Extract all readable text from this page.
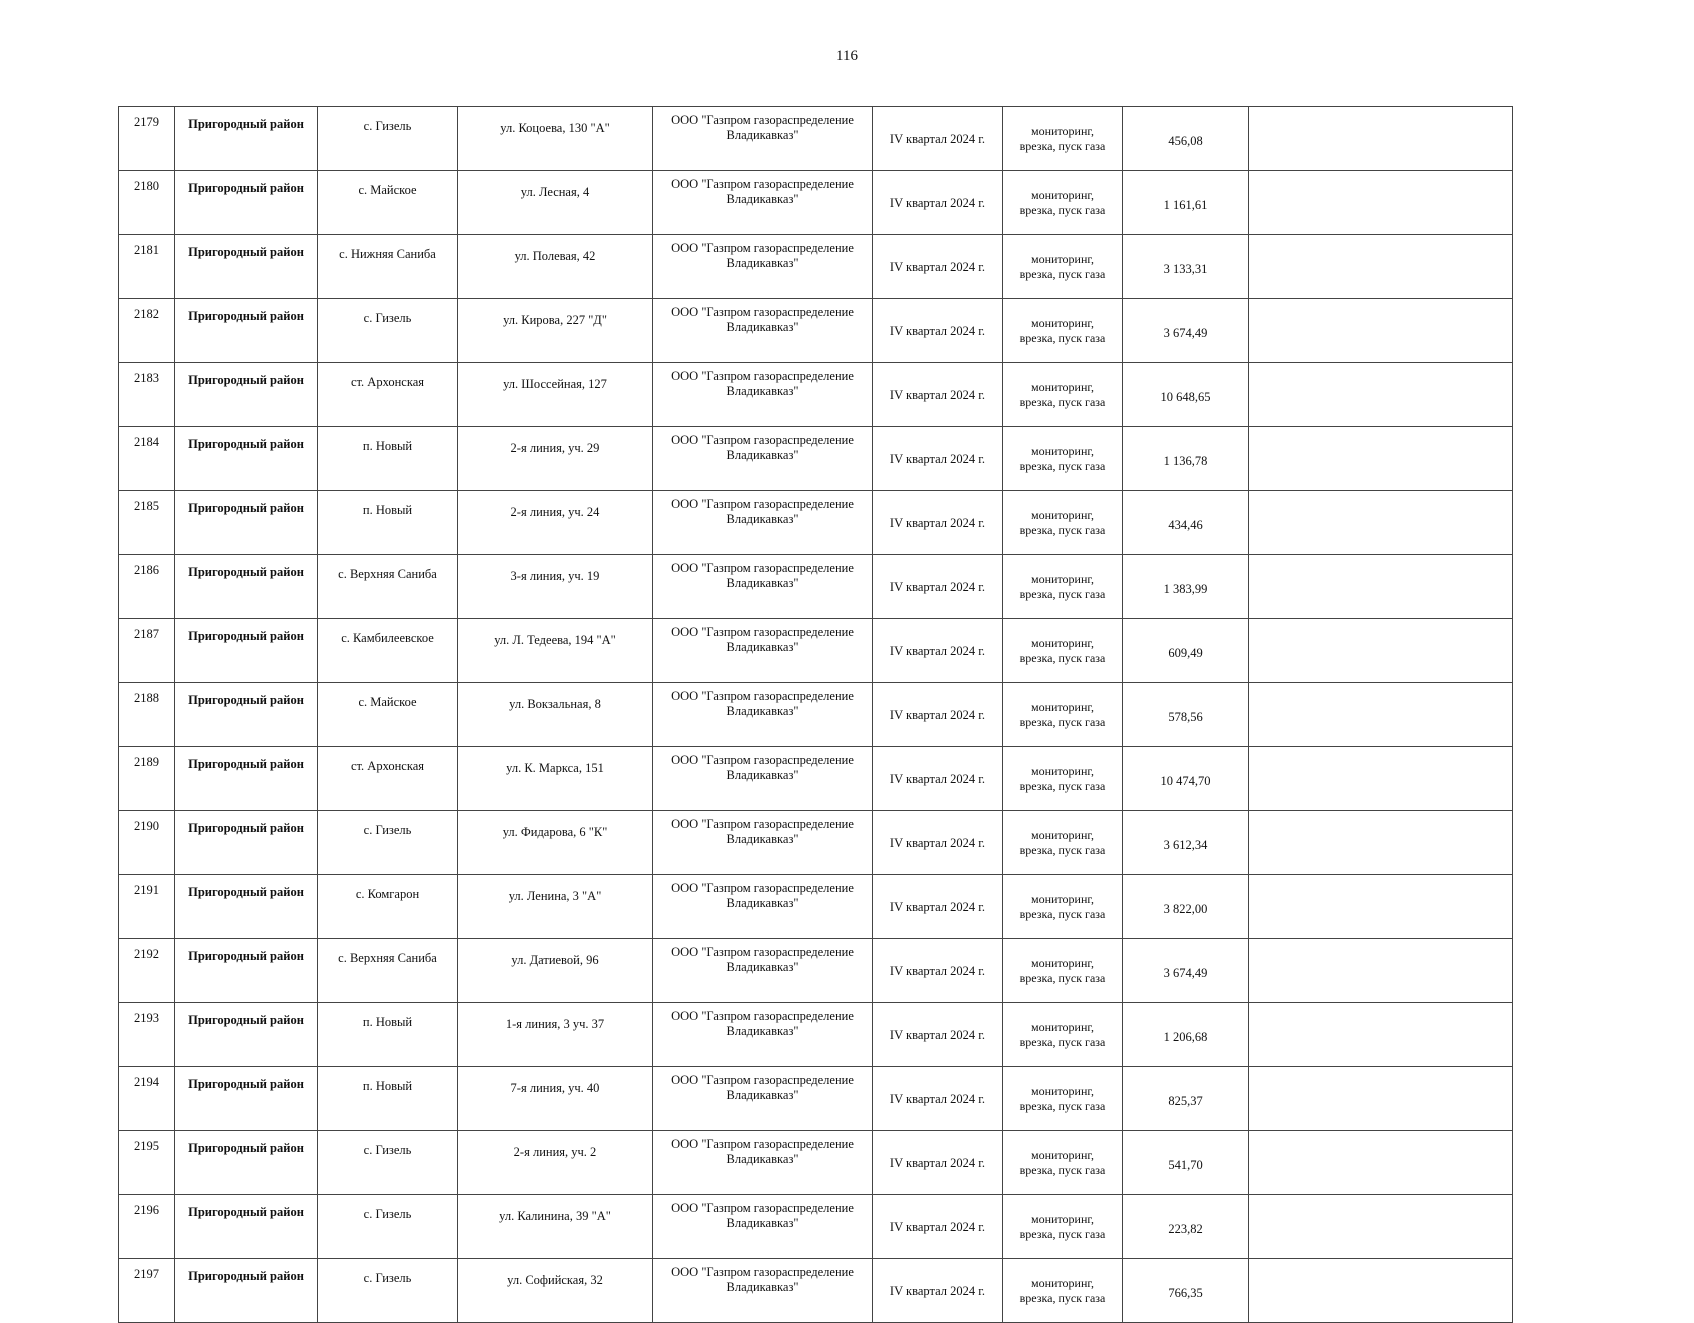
116
2179	Пригородный район	с. Гизель	ул. Коцоева, 130 "А"	ООО "Газпром газораспределение
Владикавказ"	IV квартал 2024 г.	мониторинг,
врезка, пуск газа	456,08	
2180	Пригородный район	с. Майское	ул. Лесная, 4	ООО "Газпром газораспределение
Владикавказ"	IV квартал 2024 г.	мониторинг,
врезка, пуск газа	1 161,61	
2181	Пригородный район	с. Нижняя Саниба	ул. Полевая, 42	ООО "Газпром газораспределение
Владикавказ"	IV квартал 2024 г.	мониторинг,
врезка, пуск газа	3 133,31	
2182	Пригородный район	с. Гизель	ул. Кирова, 227 "Д"	ООО "Газпром газораспределение
Владикавказ"	IV квартал 2024 г.	мониторинг,
врезка, пуск газа	3 674,49	
2183	Пригородный район	ст. Архонская	ул. Шоссейная, 127	ООО "Газпром газораспределение
Владикавказ"	IV квартал 2024 г.	мониторинг,
врезка, пуск газа	10 648,65	
2184	Пригородный район	п. Новый	2-я линия, уч. 29	ООО "Газпром газораспределение
Владикавказ"	IV квартал 2024 г.	мониторинг,
врезка, пуск газа	1 136,78	
2185	Пригородный район	п. Новый	2-я линия, уч. 24	ООО "Газпром газораспределение
Владикавказ"	IV квартал 2024 г.	мониторинг,
врезка, пуск газа	434,46	
2186	Пригородный район	с. Верхняя Саниба	3-я линия, уч. 19	ООО "Газпром газораспределение
Владикавказ"	IV квартал 2024 г.	мониторинг,
врезка, пуск газа	1 383,99	
2187	Пригородный район	с. Камбилеевское	ул. Л. Тедеева, 194 "А"	ООО "Газпром газораспределение
Владикавказ"	IV квартал 2024 г.	мониторинг,
врезка, пуск газа	609,49	
2188	Пригородный район	с. Майское	ул. Вокзальная, 8	ООО "Газпром газораспределение
Владикавказ"	IV квартал 2024 г.	мониторинг,
врезка, пуск газа	578,56	
2189	Пригородный район	ст. Архонская	ул. К. Маркса, 151	ООО "Газпром газораспределение
Владикавказ"	IV квартал 2024 г.	мониторинг,
врезка, пуск газа	10 474,70	
2190	Пригородный район	с. Гизель	ул. Фидарова, 6 "К"	ООО "Газпром газораспределение
Владикавказ"	IV квартал 2024 г.	мониторинг,
врезка, пуск газа	3 612,34	
2191	Пригородный район	с. Комгарон	ул. Ленина, 3 "А"	ООО "Газпром газораспределение
Владикавказ"	IV квартал 2024 г.	мониторинг,
врезка, пуск газа	3 822,00	
2192	Пригородный район	с. Верхняя Саниба	ул. Датиевой, 96	ООО "Газпром газораспределение
Владикавказ"	IV квартал 2024 г.	мониторинг,
врезка, пуск газа	3 674,49	
2193	Пригородный район	п. Новый	1-я линия, 3 уч. 37	ООО "Газпром газораспределение
Владикавказ"	IV квартал 2024 г.	мониторинг,
врезка, пуск газа	1 206,68	
2194	Пригородный район	п. Новый	7-я линия, уч. 40	ООО "Газпром газораспределение
Владикавказ"	IV квартал 2024 г.	мониторинг,
врезка, пуск газа	825,37	
2195	Пригородный район	с. Гизель	2-я линия, уч. 2	ООО "Газпром газораспределение
Владикавказ"	IV квартал 2024 г.	мониторинг,
врезка, пуск газа	541,70	
2196	Пригородный район	с. Гизель	ул. Калинина, 39 "А"	ООО "Газпром газораспределение
Владикавказ"	IV квартал 2024 г.	мониторинг,
врезка, пуск газа	223,82	
2197	Пригородный район	с. Гизель	ул. Софийская, 32	ООО "Газпром газораспределение
Владикавказ"	IV квартал 2024 г.	мониторинг,
врезка, пуск газа	766,35	
